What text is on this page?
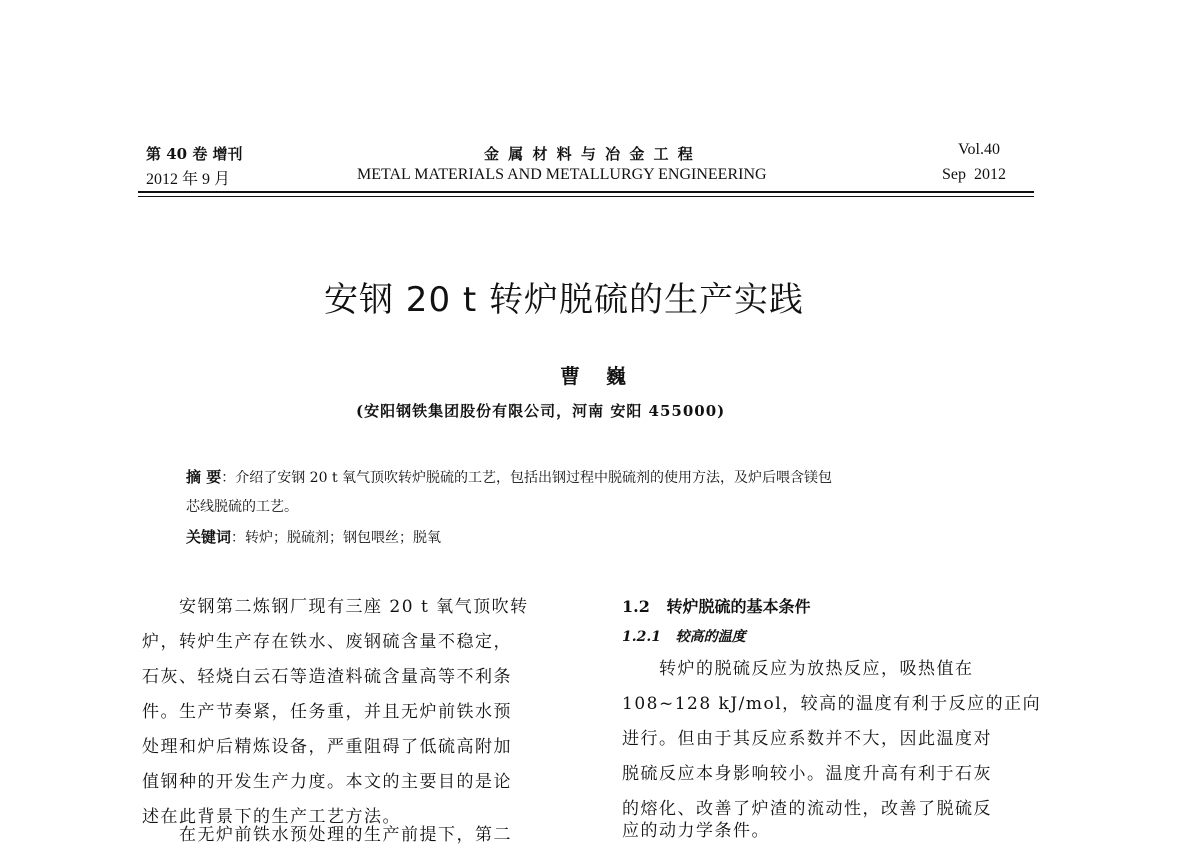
第 40 卷 增刊
2012 年 9 月
金 属 材 料 与 冶 金 工 程
METAL MATERIALS AND METALLURGY ENGINEERING
Vol.40
Sep  2012
安钢 20 t 转炉脱硫的生产实践
曹巍
(安阳钢铁集团股份有限公司，河南 安阳 455000)
摘 要：介绍了安钢 20 t 氧气顶吹转炉脱硫的工艺，包括出钢过程中脱硫剂的使用方法，及炉后喂含镁包
芯线脱硫的工艺。
关键词：转炉；脱硫剂；钢包喂丝；脱氧
　　安钢第二炼钢厂现有三座 20 t 氧气顶吹转
炉，转炉生产存在铁水、废钢硫含量不稳定，
石灰、轻烧白云石等造渣料硫含量高等不利条
件。生产节奏紧，任务重，并且无炉前铁水预
处理和炉后精炼设备，严重阻碍了低硫高附加
值钢种的开发生产力度。本文的主要目的是论
述在此背景下的生产工艺方法。
　　在无炉前铁水预处理的生产前提下，第二
1.2   转炉脱硫的基本条件
1.2.1   较高的温度
　　转炉的脱硫反应为放热反应，吸热值在
108~128 kJ/mol，较高的温度有利于反应的正向
进行。但由于其反应系数并不大，因此温度对
脱硫反应本身影响较小。温度升高有利于石灰
的熔化、改善了炉渣的流动性，改善了脱硫反
应的动力学条件。
